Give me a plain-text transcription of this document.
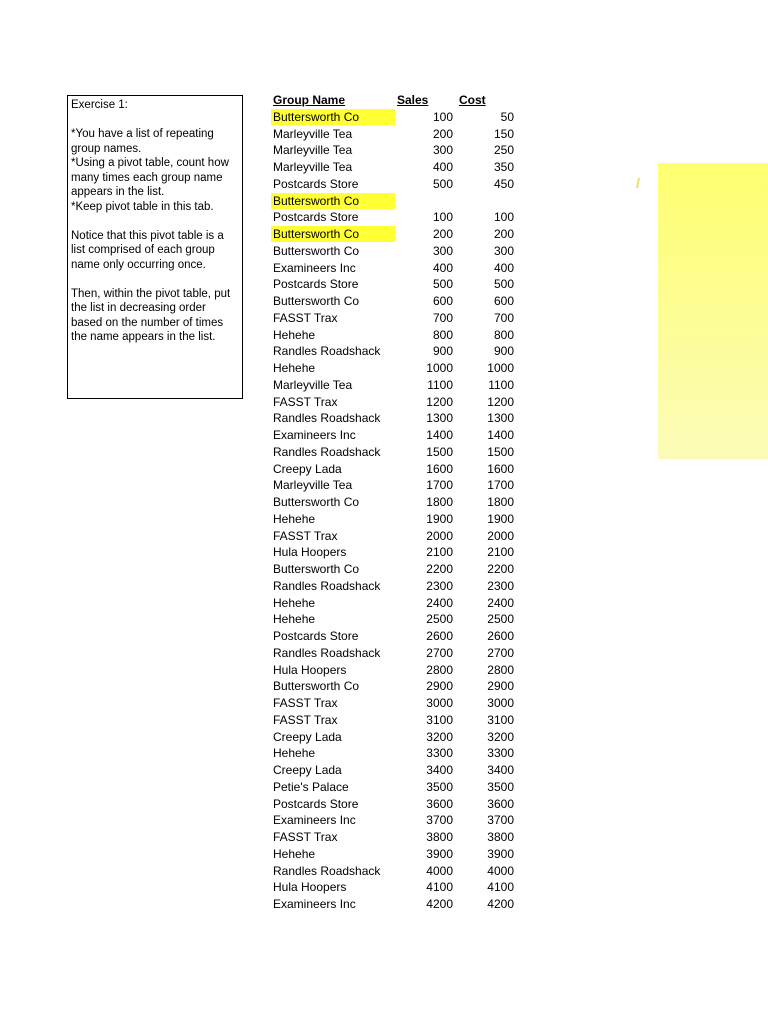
Exercise 1:

*You have a list of repeating group names.
*Using a pivot table, count how many times each group name appears in the list.
*Keep pivot table in this tab.

Notice that this pivot table is a list comprised of each group name only occurring once.

Then, within the pivot table, put the list in decreasing order based on the number of times the name appears in the list.

Group Name	Sales	Cost
Buttersworth Co	100	50
Marleyville Tea	200	150
Marleyville Tea	300	250
Marleyville Tea	400	350
Postcards Store	500	450
Buttersworth Co
Postcards Store	100	100
Buttersworth Co	200	200
Buttersworth Co	300	300
Examineers Inc	400	400
Postcards Store	500	500
Buttersworth Co	600	600
FASST Trax	700	700
Hehehe	800	800
Randles Roadshack	900	900
Hehehe	1000	1000
Marleyville Tea	1100	1100
FASST Trax	1200	1200
Randles Roadshack	1300	1300
Examineers Inc	1400	1400
Randles Roadshack	1500	1500
Creepy Lada	1600	1600
Marleyville Tea	1700	1700
Buttersworth Co	1800	1800
Hehehe	1900	1900
FASST Trax	2000	2000
Hula Hoopers	2100	2100
Buttersworth Co	2200	2200
Randles Roadshack	2300	2300
Hehehe	2400	2400
Hehehe	2500	2500
Postcards Store	2600	2600
Randles Roadshack	2700	2700
Hula Hoopers	2800	2800
Buttersworth Co	2900	2900
FASST Trax	3000	3000
FASST Trax	3100	3100
Creepy Lada	3200	3200
Hehehe	3300	3300
Creepy Lada	3400	3400
Petie's Palace	3500	3500
Postcards Store	3600	3600
Examineers Inc	3700	3700
FASST Trax	3800	3800
Hehehe	3900	3900
Randles Roadshack	4000	4000
Hula Hoopers	4100	4100
Examineers Inc	4200	4200
